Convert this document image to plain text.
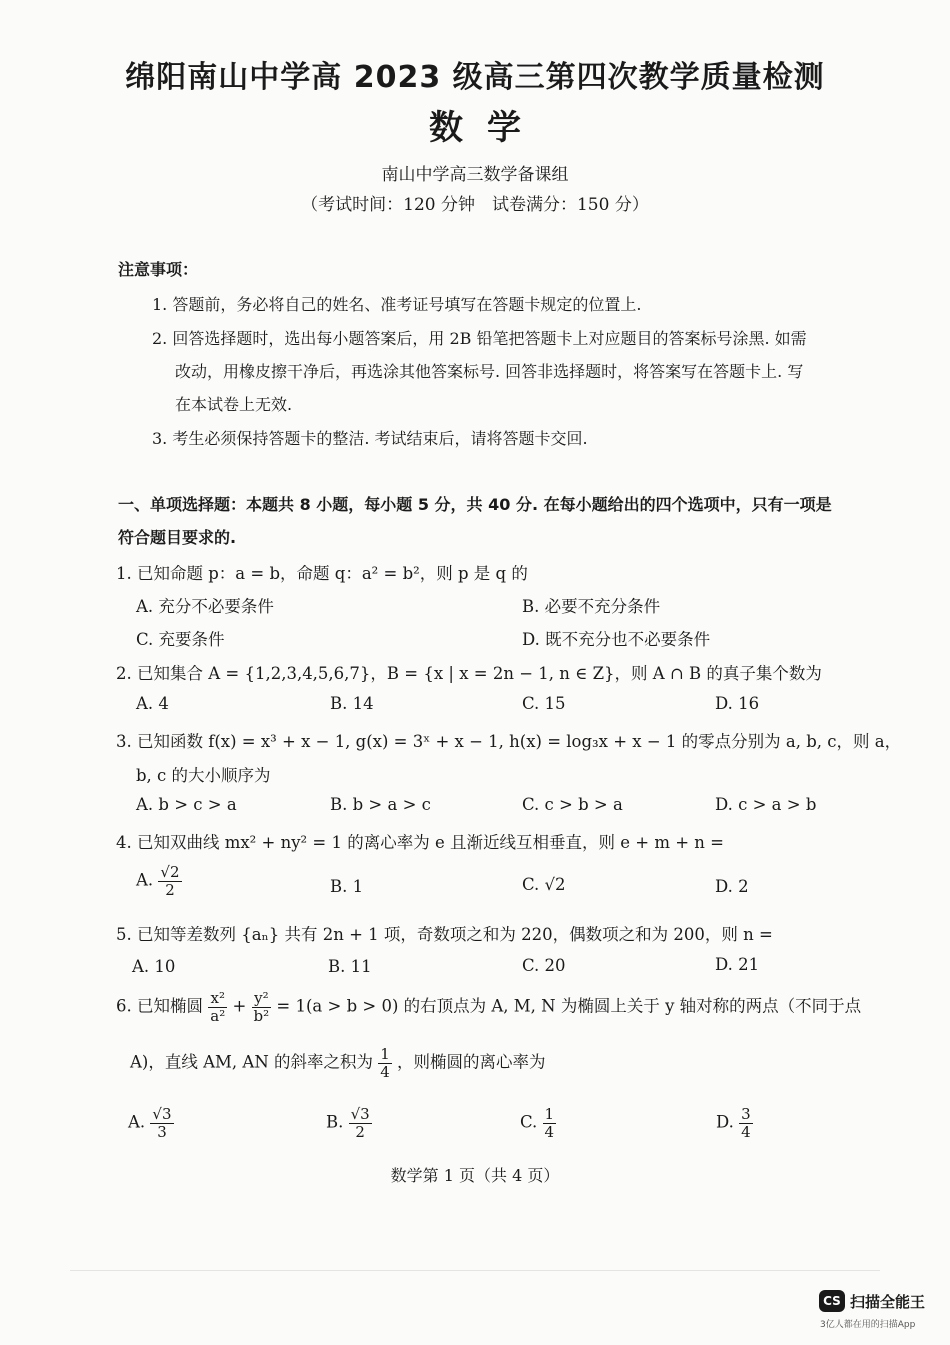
绵阳南山中学高 2023 级高三第四次教学质量检测
数学
南山中学高三数学备课组
（考试时间：120 分钟　试卷满分：150 分）
注意事项：
1. 答题前，务必将自己的姓名、准考证号填写在答题卡规定的位置上.
2. 回答选择题时，选出每小题答案后，用 2B 铅笔把答题卡上对应题目的答案标号涂黑. 如需
改动，用橡皮擦干净后，再选涂其他答案标号. 回答非选择题时，将答案写在答题卡上. 写
在本试卷上无效.
3. 考生必须保持答题卡的整洁. 考试结束后，请将答题卡交回.
一、单项选择题：本题共 8 小题，每小题 5 分，共 40 分. 在每小题给出的四个选项中，只有一项是
符合题目要求的.
1. 已知命题 p：a = b，命题 q：a² = b²，则 p 是 q 的
A. 充分不必要条件	B. 必要不充分条件
C. 充要条件	D. 既不充分也不必要条件
2. 已知集合 A = {1,2,3,4,5,6,7}，B = {x | x = 2n − 1, n ∈ Z}，则 A ∩ B 的真子集个数为
A. 4	B. 14	C. 15	D. 16
3. 已知函数 f(x) = x³ + x − 1, g(x) = 3ˣ + x − 1, h(x) = log₃x + x − 1 的零点分别为 a, b, c，则 a，
b, c 的大小顺序为
A. b > c > a	B. b > a > c	C. c > b > a	D. c > a > b
4. 已知双曲线 mx² + ny² = 1 的离心率为 e 且渐近线互相垂直，则 e + m + n =
A. $\frac{√2}{2}$	B. 1	C. √2	D. 2
5. 已知等差数列 {aₙ} 共有 2n + 1 项，奇数项之和为 220，偶数项之和为 200，则 n =
A. 10	B. 11	C. 20	D. 21
6. 已知椭圆 $\frac{\text{x²}}{\text{a²}} + \frac{\text{y²}}{\text{b²}} = 1(a > b > 0)$ 的右顶点为 A, M, N 为椭圆上关于 y 轴对称的两点（不同于点
A)，直线 AM, AN 的斜率之积为 $\frac{1}{4}$ ，则椭圆的离心率为
A. $\frac{√3}{3}$	B. $\frac{√3}{2}$	C. $\frac{1}{4}$	D. $\frac{3}{4}$
数学第 1 页（共 4 页）
CS 扫描全能王
3亿人都在用的扫描App
